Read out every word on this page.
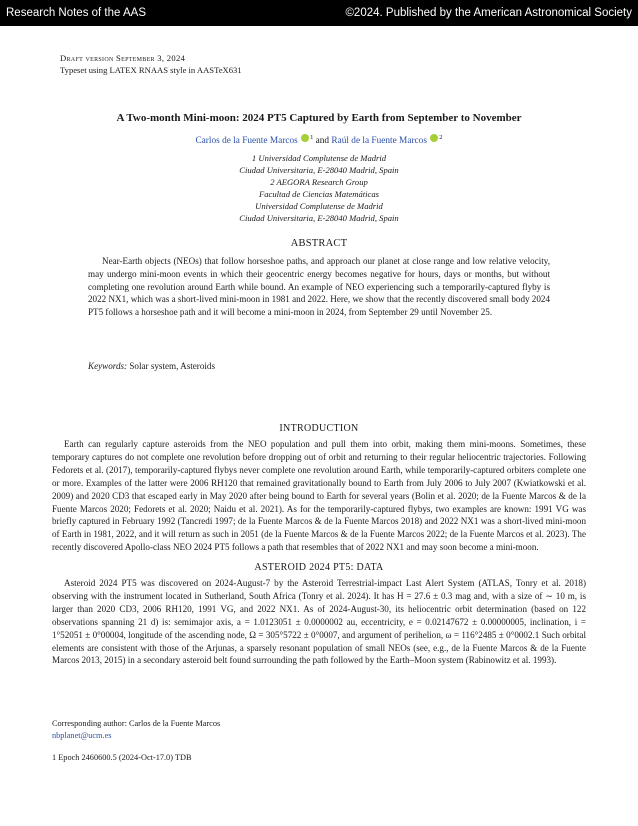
Research Notes of the AAS	©2024. Published by the American Astronomical Society
Draft version September 3, 2024
Typeset using LATEX RNAAS style in AASTeX631
A Two-month Mini-moon: 2024 PT5 Captured by Earth from September to November
Carlos de la Fuente Marcos $^1$ and Raúl de la Fuente Marcos $^2$
1 Universidad Complutense de Madrid
Ciudad Universitaria, E-28040 Madrid, Spain
2 AEGORA Research Group
Facultad de Ciencias Matemáticas
Universidad Complutense de Madrid
Ciudad Universitaria, E-28040 Madrid, Spain
ABSTRACT
Near-Earth objects (NEOs) that follow horseshoe paths, and approach our planet at close range and low relative velocity, may undergo mini-moon events in which their geocentric energy becomes negative for hours, days or months, but without completing one revolution around Earth while bound. An example of NEO experiencing such a temporarily-captured flyby is 2022 NX1, which was a short-lived mini-moon in 1981 and 2022. Here, we show that the recently discovered small body 2024 PT5 follows a horseshoe path and it will become a mini-moon in 2024, from September 29 until November 25.
Keywords: Solar system, Asteroids
INTRODUCTION
Earth can regularly capture asteroids from the NEO population and pull them into orbit, making them mini-moons. Sometimes, these temporary captures do not complete one revolution before dropping out of orbit and returning to their regular heliocentric trajectories. Following Fedorets et al. (2017), temporarily-captured flybys never complete one revolution around Earth, while temporarily-captured orbiters complete one or more. Examples of the latter were 2006 RH120 that remained gravitationally bound to Earth from July 2006 to July 2007 (Kwiatkowski et al. 2009) and 2020 CD3 that escaped early in May 2020 after being bound to Earth for several years (Bolin et al. 2020; de la Fuente Marcos & de la Fuente Marcos 2020; Fedorets et al. 2020; Naidu et al. 2021). As for the temporarily-captured flybys, two examples are known: 1991 VG was briefly captured in February 1992 (Tancredi 1997; de la Fuente Marcos & de la Fuente Marcos 2018) and 2022 NX1 was a short-lived mini-moon of Earth in 1981, 2022, and it will return as such in 2051 (de la Fuente Marcos & de la Fuente Marcos 2022; de la Fuente Marcos et al. 2023). The recently discovered Apollo-class NEO 2024 PT5 follows a path that resembles that of 2022 NX1 and may soon become a mini-moon.
ASTEROID 2024 PT5: DATA
Asteroid 2024 PT5 was discovered on 2024-August-7 by the Asteroid Terrestrial-impact Last Alert System (ATLAS, Tonry et al. 2018) observing with the instrument located in Sutherland, South Africa (Tonry et al. 2024). It has H = 27.6 ± 0.3 mag and, with a size of ∼ 10 m, is larger than 2020 CD3, 2006 RH120, 1991 VG, and 2022 NX1. As of 2024-August-30, its heliocentric orbit determination (based on 122 observations spanning 21 d) is: semimajor axis, a = 1.0123051 ± 0.0000002 au, eccentricity, e = 0.02147672 ± 0.00000005, inclination, i = 1°52051 ± 0°00004, longitude of the ascending node, Ω = 305°5722 ± 0°0007, and argument of perihelion, ω = 116°2485 ± 0°0002.1 Such orbital elements are consistent with those of the Arjunas, a sparsely resonant population of small NEOs (see, e.g., de la Fuente Marcos & de la Fuente Marcos 2013, 2015) in a secondary asteroid belt found surrounding the path followed by the Earth–Moon system (Rabinowitz et al. 1993).
Corresponding author: Carlos de la Fuente Marcos
nbplanet@ucm.es
1 Epoch 2460600.5 (2024-Oct-17.0) TDB
